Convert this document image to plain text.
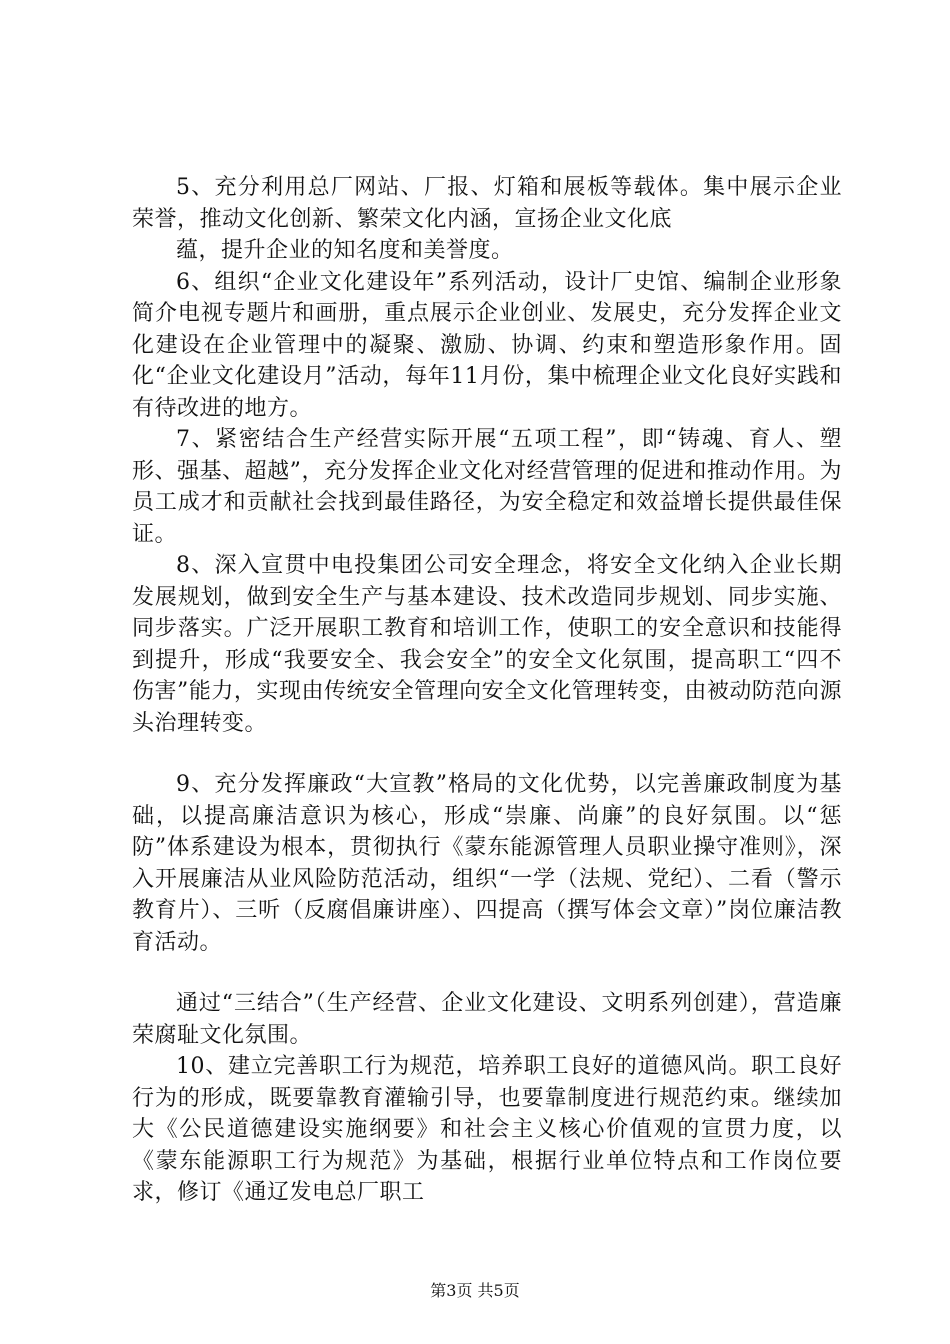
5、充分利用总厂网站、厂报、灯箱和展板等载体。集中展示企业荣誉，推动文化创新、繁荣文化内涵，宣扬企业文化底

蕴，提升企业的知名度和美誉度。

6、组织“企业文化建设年”系列活动，设计厂史馆、编制企业形象简介电视专题片和画册，重点展示企业创业、发展史，充分发挥企业文化建设在企业管理中的凝聚、激励、协调、约束和塑造形象作用。固化“企业文化建设月”活动，每年11月份，集中梳理企业文化良好实践和有待改进的地方。

7、紧密结合生产经营实际开展“五项工程”，即“铸魂、育人、塑形、强基、超越”，充分发挥企业文化对经营管理的促进和推动作用。为员工成才和贡献社会找到最佳路径，为安全稳定和效益增长提供最佳保证。

8、深入宣贯中电投集团公司安全理念，将安全文化纳入企业长期发展规划，做到安全生产与基本建设、技术改造同步规划、同步实施、同步落实。广泛开展职工教育和培训工作，使职工的安全意识和技能得到提升，形成“我要安全、我会安全”的安全文化氛围，提高职工“四不伤害”能力，实现由传统安全管理向安全文化管理转变，由被动防范向源头治理转变。

9、充分发挥廉政“大宣教”格局的文化优势，以完善廉政制度为基础，以提高廉洁意识为核心，形成“崇廉、尚廉”的良好氛围。以“惩防”体系建设为根本，贯彻执行《蒙东能源管理人员职业操守准则》，深入开展廉洁从业风险防范活动，组织“一学（法规、党纪）、二看（警示教育片）、三听（反腐倡廉讲座）、四提高（撰写体会文章）”岗位廉洁教育活动。

通过“三结合”（生产经营、企业文化建设、文明系列创建），营造廉荣腐耻文化氛围。

10、建立完善职工行为规范，培养职工良好的道德风尚。职工良好行为的形成，既要靠教育灌输引导，也要靠制度进行规范约束。继续加大《公民道德建设实施纲要》和社会主义核心价值观的宣贯力度，以《蒙东能源职工行为规范》为基础，根据行业单位特点和工作岗位要求，修订《通辽发电总厂职工

第3页 共5页
